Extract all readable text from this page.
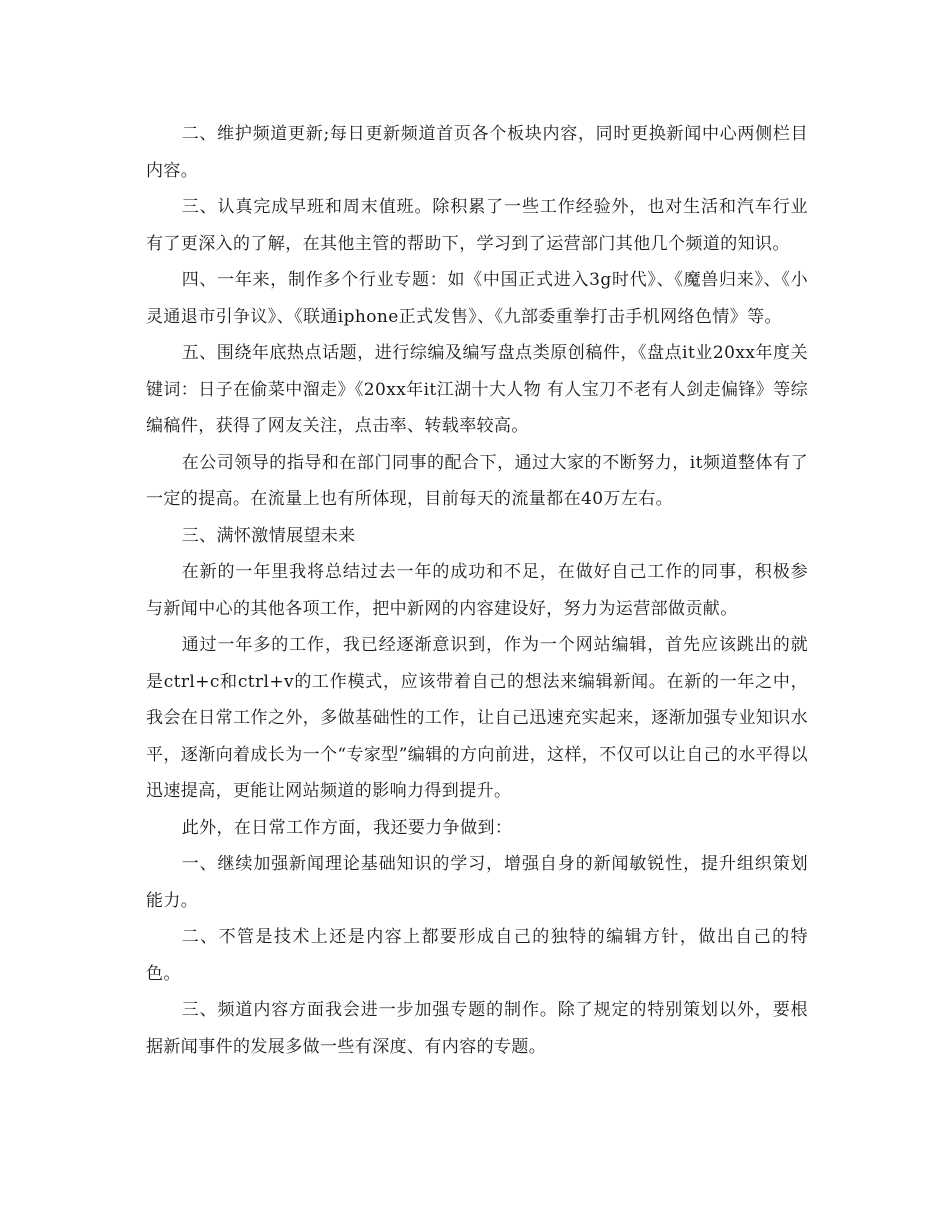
二、维护频道更新;每日更新频道首页各个板块内容，同时更换新闻中心两侧栏目内容。

三、认真完成早班和周末值班。除积累了一些工作经验外，也对生活和汽车行业有了更深入的了解，在其他主管的帮助下，学习到了运营部门其他几个频道的知识。

四、一年来，制作多个行业专题：如《中国正式进入3g时代》、《魔兽归来》、《小灵通退市引争议》、《联通iphone正式发售》、《九部委重拳打击手机网络色情》等。

五、围绕年底热点话题，进行综编及编写盘点类原创稿件，《盘点it业20xx年度关键词：日子在偷菜中溜走》《20xx年it江湖十大人物 有人宝刀不老有人剑走偏锋》等综编稿件，获得了网友关注，点击率、转载率较高。

在公司领导的指导和在部门同事的配合下，通过大家的不断努力，it频道整体有了一定的提高。在流量上也有所体现，目前每天的流量都在40万左右。

三、满怀激情展望未来

在新的一年里我将总结过去一年的成功和不足，在做好自己工作的同事，积极参与新闻中心的其他各项工作，把中新网的内容建设好，努力为运营部做贡献。

通过一年多的工作，我已经逐渐意识到，作为一个网站编辑，首先应该跳出的就是ctrl+c和ctrl+v的工作模式，应该带着自己的想法来编辑新闻。在新的一年之中，我会在日常工作之外，多做基础性的工作，让自己迅速充实起来，逐渐加强专业知识水平，逐渐向着成长为一个“专家型”编辑的方向前进，这样，不仅可以让自己的水平得以迅速提高，更能让网站频道的影响力得到提升。

此外，在日常工作方面，我还要力争做到：

一、继续加强新闻理论基础知识的学习，增强自身的新闻敏锐性，提升组织策划能力。

二、不管是技术上还是内容上都要形成自己的独特的编辑方针，做出自己的特色。

三、频道内容方面我会进一步加强专题的制作。除了规定的特别策划以外，要根据新闻事件的发展多做一些有深度、有内容的专题。
